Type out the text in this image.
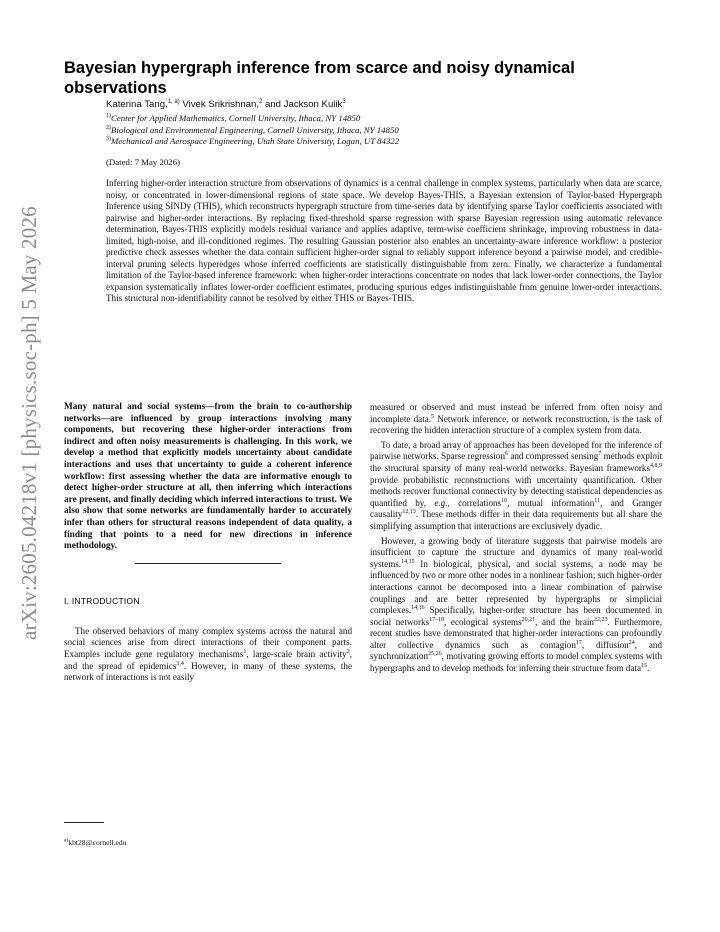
arXiv:2605.04218v1 [physics.soc-ph] 5 May 2026
Bayesian hypergraph inference from scarce and noisy dynamical observations
Katerina Tang,$^{1, a)}$ Vivek Srikrishnan,$^2$ and Jackson Kulik$^3$
$^{1)}$Center for Applied Mathematics, Cornell University, Ithaca, NY 14850
$^{2)}$Biological and Environmental Engineering, Cornell University, Ithaca, NY 14850
$^{3)}$Mechanical and Aerospace Engineering, Utah State University, Logan, UT 84322
(Dated: 7 May 2026)
Inferring higher-order interaction structure from observations of dynamics is a central challenge in complex systems, particularly when data are scarce, noisy, or concentrated in lower-dimensional regions of state space. We develop Bayes-THIS, a Bayesian extension of Taylor-based Hypergraph Inference using SINDy (THIS), which reconstructs hypergraph structure from time-series data by identifying sparse Taylor coefficients associated with pairwise and higher-order interactions. By replacing fixed-threshold sparse regression with sparse Bayesian regression using automatic relevance determination, Bayes-THIS explicitly models residual variance and applies adaptive, term-wise coefficient shrinkage, improving robustness in data-limited, high-noise, and ill-conditioned regimes. The resulting Gaussian posterior also enables an uncertainty-aware inference workflow: a posterior predictive check assesses whether the data contain sufficient higher-order signal to reliably support inference beyond a pairwise model, and credible-interval pruning selects hyperedges whose inferred coefficients are statistically distinguishable from zero. Finally, we characterize a fundamental limitation of the Taylor-based inference framework: when higher-order interactions concentrate on nodes that lack lower-order connections, the Taylor expansion systematically inflates lower-order coefficient estimates, producing spurious edges indistinguishable from genuine lower-order interactions. This structural non-identifiability cannot be resolved by either THIS or Bayes-THIS.

Many natural and social systems—from the brain to co-authorship networks—are influenced by group interactions involving many components, but recovering these higher-order interactions from indirect and often noisy measurements is challenging. In this work, we develop a method that explicitly models uncertainty about candidate interactions and uses that uncertainty to guide a coherent inference workflow: first assessing whether the data are informative enough to detect higher-order structure at all, then inferring which interactions are present, and finally deciding which inferred interactions to trust. We also show that some networks are fundamentally harder to accurately infer than others for structural reasons independent of data quality, a finding that points to a need for new directions in inference methodology.

I. INTRODUCTION

The observed behaviors of many complex systems across the natural and social sciences arise from direct interactions of their component parts. Examples include gene regulatory mechanisms$^1$, large-scale brain activity$^2$, and the spread of epidemics$^{3,4}$. However, in many of these systems, the network of interactions is not easily

measured or observed and must instead be inferred from often noisy and incomplete data.$^5$ Network inference, or network reconstruction, is the task of recovering the hidden interaction structure of a complex system from data.

To date, a broad array of approaches has been developed for the inference of pairwise networks. Sparse regression$^6$ and compressed sensing$^7$ methods exploit the structural sparsity of many real-world networks. Bayesian frameworks$^{4,8,9}$ provide probabilistic reconstructions with uncertainty quantification. Other methods recover functional connectivity by detecting statistical dependencies as quantified by, e.g., correlations$^{10}$, mutual information$^{11}$, and Granger causality$^{12,13}$. These methods differ in their data requirements but all share the simplifying assumption that interactions are exclusively dyadic.

However, a growing body of literature suggests that pairwise models are insufficient to capture the structure and dynamics of many real-world systems.$^{14,15}$ In biological, physical, and social systems, a node may be influenced by two or more other nodes in a nonlinear fashion; such higher-order interactions cannot be decomposed into a linear combination of pairwise couplings and are better represented by hypergraphs or simplicial complexes.$^{14,16}$ Specifically, higher-order structure has been documented in social networks$^{17-19}$, ecological systems$^{20,21}$, and the brain$^{22,23}$. Furthermore, recent studies have demonstrated that higher-order interactions can profoundly alter collective dynamics such as contagion$^{17}$, diffusion$^{24}$, and synchronization$^{25,26}$, motivating growing efforts to model complex systems with hypergraphs and to develop methods for inferring their structure from data$^{15}$.

$^{a)}$kbt28@cornell.edu
